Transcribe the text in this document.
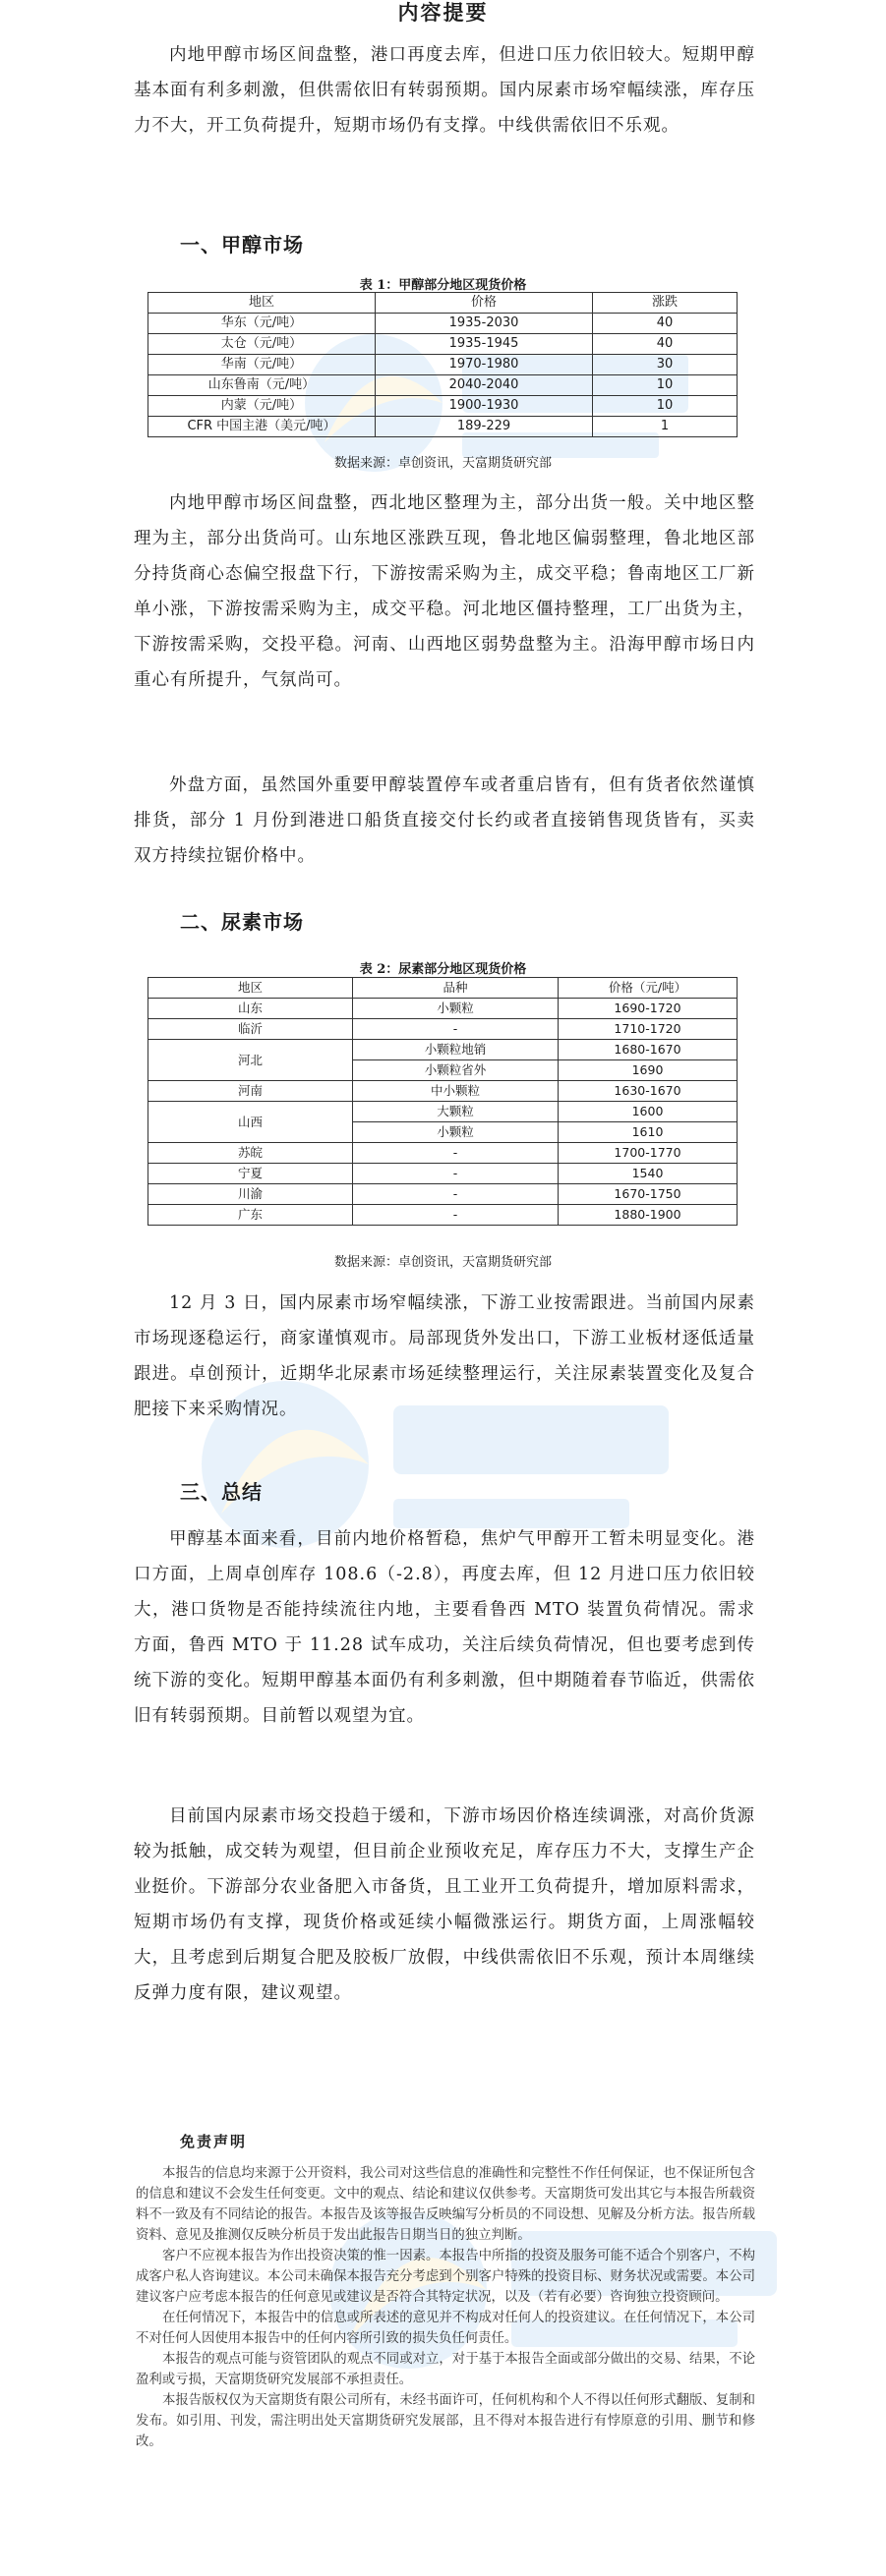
内容提要

内地甲醇市场区间盘整，港口再度去库，但进口压力依旧较大。短期甲醇基本面有利多刺激，但供需依旧有转弱预期。国内尿素市场窄幅续涨，库存压力不大，开工负荷提升，短期市场仍有支撑。中线供需依旧不乐观。

一、甲醇市场
表 1：甲醇部分地区现货价格
地区	价格	涨跌
华东（元/吨）	1935-2030	40
太仓（元/吨）	1935-1945	40
华南（元/吨）	1970-1980	30
山东鲁南（元/吨）	2040-2040	10
内蒙（元/吨）	1900-1930	10
CFR 中国主港（美元/吨）	189-229	1
数据来源：卓创资讯，天富期货研究部

内地甲醇市场区间盘整，西北地区整理为主，部分出货一般。关中地区整理为主，部分出货尚可。山东地区涨跌互现，鲁北地区偏弱整理，鲁北地区部分持货商心态偏空报盘下行，下游按需采购为主，成交平稳；鲁南地区工厂新单小涨，下游按需采购为主，成交平稳。河北地区僵持整理，工厂出货为主，下游按需采购，交投平稳。河南、山西地区弱势盘整为主。沿海甲醇市场日内重心有所提升，气氛尚可。

外盘方面，虽然国外重要甲醇装置停车或者重启皆有，但有货者依然谨慎排货，部分 1 月份到港进口船货直接交付长约或者直接销售现货皆有，买卖双方持续拉锯价格中。

二、尿素市场
表 2：尿素部分地区现货价格
地区	品种	价格（元/吨）
山东	小颗粒	1690-1720
临沂	-	1710-1720
河北	小颗粒地销	1680-1670
	小颗粒省外	1690
河南	中小颗粒	1630-1670
山西	大颗粒	1600
	小颗粒	1610
苏皖	-	1700-1770
宁夏	-	1540
川渝	-	1670-1750
广东	-	1880-1900
数据来源：卓创资讯，天富期货研究部

12 月 3 日，国内尿素市场窄幅续涨，下游工业按需跟进。当前国内尿素市场现逐稳运行，商家谨慎观市。局部现货外发出口，下游工业板材逐低适量跟进。卓创预计，近期华北尿素市场延续整理运行，关注尿素装置变化及复合肥接下来采购情况。

三、总结

甲醇基本面来看，目前内地价格暂稳，焦炉气甲醇开工暂未明显变化。港口方面，上周卓创库存 108.6（-2.8），再度去库，但 12 月进口压力依旧较大，港口货物是否能持续流往内地，主要看鲁西 MTO 装置负荷情况。需求方面，鲁西 MTO 于 11.28 试车成功，关注后续负荷情况，但也要考虑到传统下游的变化。短期甲醇基本面仍有利多刺激，但中期随着春节临近，供需依旧有转弱预期。目前暂以观望为宜。

目前国内尿素市场交投趋于缓和，下游市场因价格连续调涨，对高价货源较为抵触，成交转为观望，但目前企业预收充足，库存压力不大，支撑生产企业挺价。下游部分农业备肥入市备货，且工业开工负荷提升，增加原料需求，短期市场仍有支撑，现货价格或延续小幅微涨运行。期货方面，上周涨幅较大，且考虑到后期复合肥及胶板厂放假，中线供需依旧不乐观，预计本周继续反弹力度有限，建议观望。

免责声明

本报告的信息均来源于公开资料，我公司对这些信息的准确性和完整性不作任何保证，也不保证所包含的信息和建议不会发生任何变更。文中的观点、结论和建议仅供参考。天富期货可发出其它与本报告所载资料不一致及有不同结论的报告。本报告及该等报告反映编写分析员的不同设想、见解及分析方法。报告所载资料、意见及推测仅反映分析员于发出此报告日期当日的独立判断。

客户不应视本报告为作出投资决策的惟一因素。本报告中所指的投资及服务可能不适合个别客户，不构成客户私人咨询建议。本公司未确保本报告充分考虑到个别客户特殊的投资目标、财务状况或需要。本公司建议客户应考虑本报告的任何意见或建议是否符合其特定状况，以及（若有必要）咨询独立投资顾问。

在任何情况下，本报告中的信息或所表述的意见并不构成对任何人的投资建议。在任何情况下，本公司不对任何人因使用本报告中的任何内容所引致的损失负任何责任。

本报告的观点可能与资管团队的观点不同或对立，对于基于本报告全面或部分做出的交易、结果，不论盈利或亏损，天富期货研究发展部不承担责任。

本报告版权仅为天富期货有限公司所有，未经书面许可，任何机构和个人不得以任何形式翻版、复制和发布。如引用、刊发，需注明出处天富期货研究发展部，且不得对本报告进行有悖原意的引用、删节和修改。
